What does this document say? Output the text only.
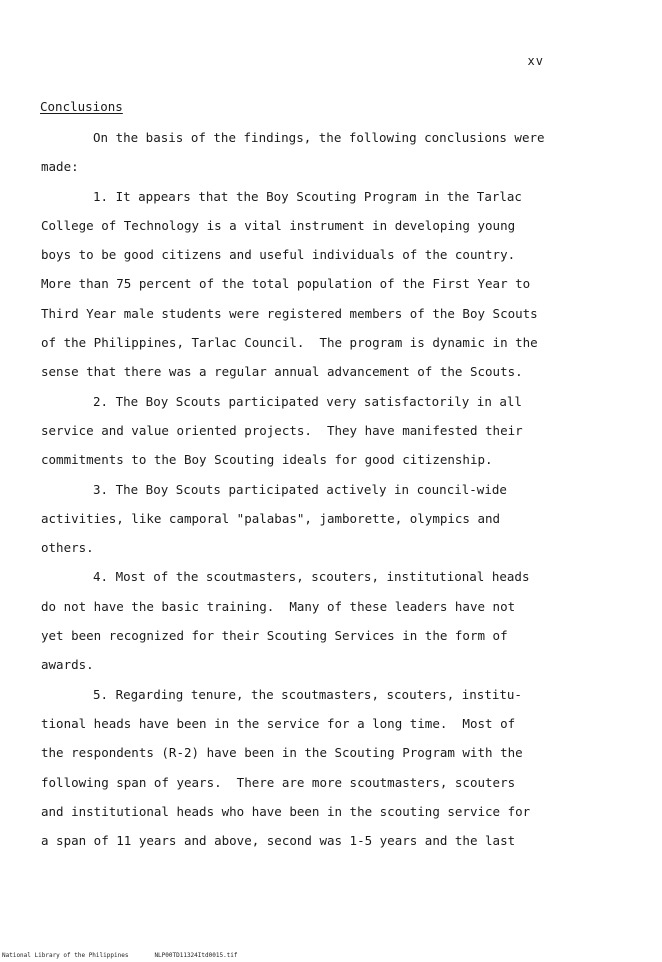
xv
Conclusions
On the basis of the findings, the following conclusions were
made:
1. It appears that the Boy Scouting Program in the Tarlac
College of Technology is a vital instrument in developing young
boys to be good citizens and useful individuals of the country.
More than 75 percent of the total population of the First Year to
Third Year male students were registered members of the Boy Scouts
of the Philippines, Tarlac Council.  The program is dynamic in the
sense that there was a regular annual advancement of the Scouts.
2. The Boy Scouts participated very satisfactorily in all
service and value oriented projects.  They have manifested their
commitments to the Boy Scouting ideals for good citizenship.
3. The Boy Scouts participated actively in council-wide
activities, like camporal "palabas", jamborette, olympics and
others.
4. Most of the scoutmasters, scouters, institutional heads
do not have the basic training.  Many of these leaders have not
yet been recognized for their Scouting Services in the form of
awards.
5. Regarding tenure, the scoutmasters, scouters, institu-
tional heads have been in the service for a long time.  Most of
the respondents (R-2) have been in the Scouting Program with the
following span of years.  There are more scoutmasters, scouters
and institutional heads who have been in the scouting service for
a span of 11 years and above, second was 1-5 years and the last
National Library of the Philippines	NLP00TD11324Itd0015.tif
